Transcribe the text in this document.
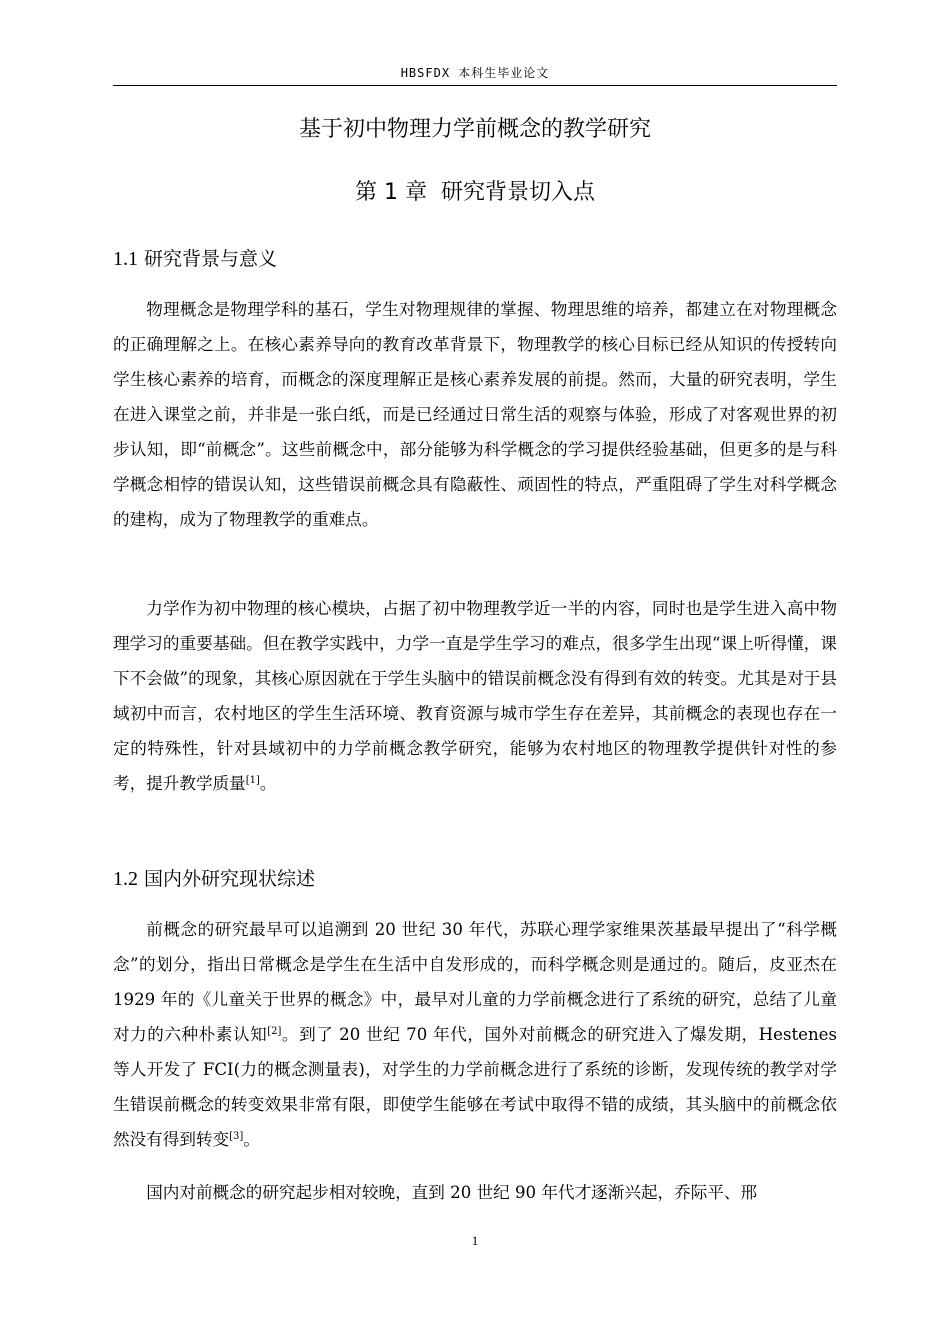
HBSFDX 本科生毕业论文
基于初中物理力学前概念的教学研究
第 1 章 研究背景切入点
1.1 研究背景与意义

物理概念是物理学科的基石，学生对物理规律的掌握、物理思维的培养，都建立在对物理概念的正确理解之上。在核心素养导向的教育改革背景下，物理教学的核心目标已经从知识的传授转向学生核心素养的培育，而概念的深度理解正是核心素养发展的前提。然而，大量的研究表明，学生在进入课堂之前，并非是一张白纸，而是已经通过日常生活的观察与体验，形成了对客观世界的初步认知，即“前概念”。这些前概念中，部分能够为科学概念的学习提供经验基础，但更多的是与科学概念相悖的错误认知，这些错误前概念具有隐蔽性、顽固性的特点，严重阻碍了学生对科学概念的建构，成为了物理教学的重难点。

力学作为初中物理的核心模块，占据了初中物理教学近一半的内容，同时也是学生进入高中物理学习的重要基础。但在教学实践中，力学一直是学生学习的难点，很多学生出现“课上听得懂，课下不会做”的现象，其核心原因就在于学生头脑中的错误前概念没有得到有效的转变。尤其是对于县域初中而言，农村地区的学生生活环境、教育资源与城市学生存在差异，其前概念的表现也存在一定的特殊性，针对县域初中的力学前概念教学研究，能够为农村地区的物理教学提供针对性的参考，提升教学质量[1]。

1.2 国内外研究现状综述

前概念的研究最早可以追溯到 20 世纪 30 年代，苏联心理学家维果茨基最早提出了“科学概念”的划分，指出日常概念是学生在生活中自发形成的，而科学概念则是通过的。随后，皮亚杰在 1929 年的《儿童关于世界的概念》中，最早对儿童的力学前概念进行了系统的研究，总结了儿童对力的六种朴素认知[2]。到了 20 世纪 70 年代，国外对前概念的研究进入了爆发期，Hestenes 等人开发了 FCI(力的概念测量表)，对学生的力学前概念进行了系统的诊断，发现传统的教学对学生错误前概念的转变效果非常有限，即使学生能够在考试中取得不错的成绩，其头脑中的前概念依然没有得到转变[3]。

国内对前概念的研究起步相对较晚，直到 20 世纪 90 年代才逐渐兴起，乔际平、邢

1
